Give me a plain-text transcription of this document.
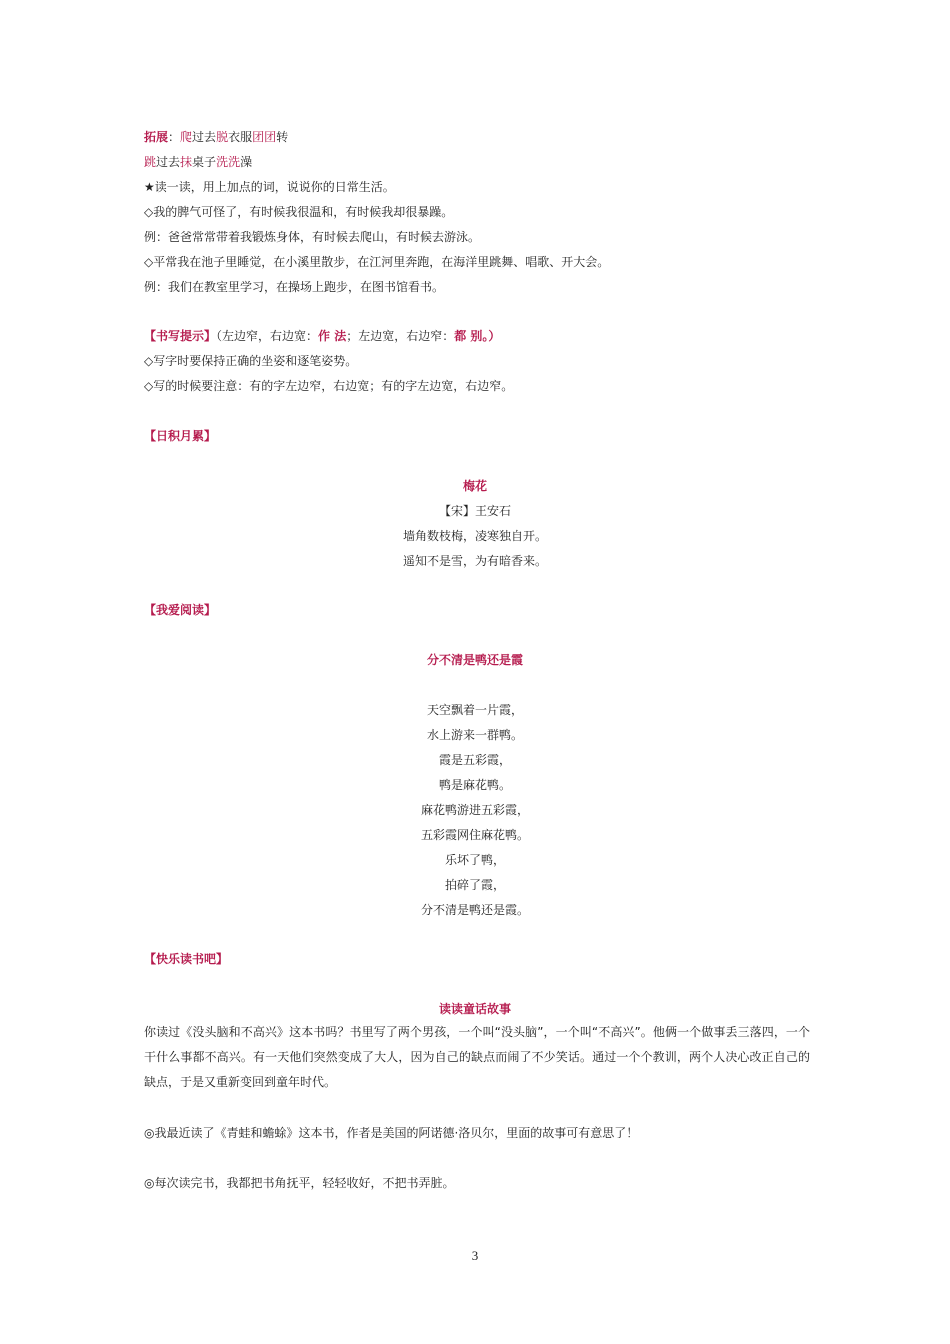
拓展：爬过去脱衣服团团转
跳过去抹桌子洗洗澡
★读一读，用上加点的词，说说你的日常生活。
◇我的脾气可怪了，有时候我很温和，有时候我却很暴躁。
例：爸爸常常带着我锻炼身体，有时候去爬山，有时候去游泳。
◇平常我在池子里睡觉，在小溪里散步，在江河里奔跑，在海洋里跳舞、唱歌、开大会。
例：我们在教室里学习，在操场上跑步，在图书馆看书。
【书写提示】（左边窄，右边宽：作 法；左边宽，右边窄：都 别。）
◇写字时要保持正确的坐姿和逐笔姿势。
◇写的时候要注意：有的字左边窄，右边宽；有的字左边宽，右边窄。
【日积月累】
梅花
【宋】王安石
墙角数枝梅，凌寒独自开。
遥知不是雪，为有暗香来。
【我爱阅读】
分不清是鸭还是霞
天空飘着一片霞，
水上游来一群鸭。
霞是五彩霞，
鸭是麻花鸭。
麻花鸭游进五彩霞，
五彩霞网住麻花鸭。
乐坏了鸭，
拍碎了霞，
分不清是鸭还是霞。
【快乐读书吧】
读读童话故事
你读过《没头脑和不高兴》这本书吗？书里写了两个男孩，一个叫“没头脑”，一个叫“不高兴”。他俩一个做事丢三落四，一个干什么事都不高兴。有一天他们突然变成了大人，因为自己的缺点而闹了不少笑话。通过一个个教训，两个人决心改正自己的缺点，于是又重新变回到童年时代。
◎我最近读了《青蛙和蟾蜍》这本书，作者是美国的阿诺德·洛贝尔，里面的故事可有意思了！
◎每次读完书，我都把书角抚平，轻轻收好，不把书弄脏。
3
